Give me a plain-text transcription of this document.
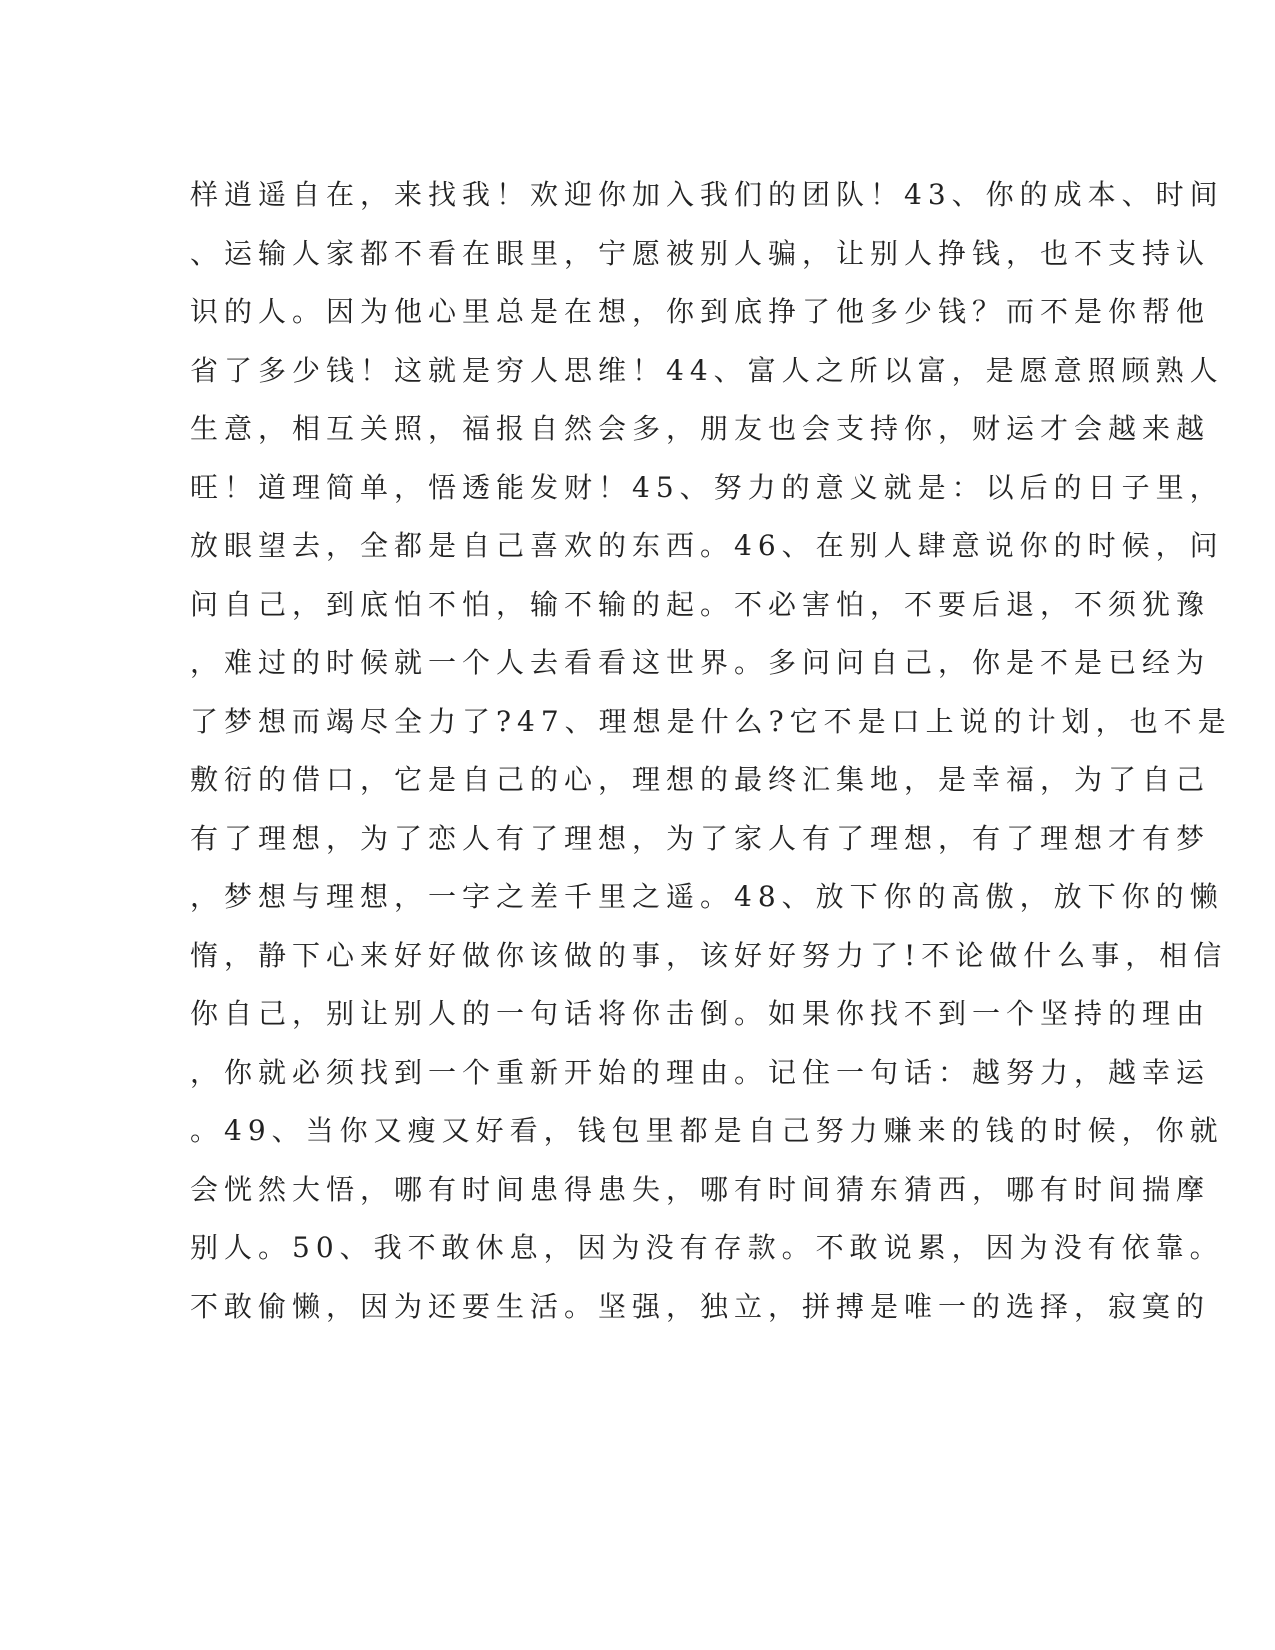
样逍遥自在，来找我！欢迎你加入我们的团队！43、你的成本、时间
、运输人家都不看在眼里，宁愿被别人骗，让别人挣钱，也不支持认
识的人。因为他心里总是在想，你到底挣了他多少钱？而不是你帮他
省了多少钱！这就是穷人思维！44、富人之所以富，是愿意照顾熟人
生意，相互关照，福报自然会多，朋友也会支持你，财运才会越来越
旺！道理简单，悟透能发财！45、努力的意义就是：以后的日子里，
放眼望去，全都是自己喜欢的东西。46、在别人肆意说你的时候，问
问自己，到底怕不怕，输不输的起。不必害怕，不要后退，不须犹豫
，难过的时候就一个人去看看这世界。多问问自己，你是不是已经为
了梦想而竭尽全力了?47、理想是什么?它不是口上说的计划，也不是
敷衍的借口，它是自己的心，理想的最终汇集地，是幸福，为了自己
有了理想，为了恋人有了理想，为了家人有了理想，有了理想才有梦
，梦想与理想，一字之差千里之遥。48、放下你的高傲，放下你的懒
惰，静下心来好好做你该做的事，该好好努力了!不论做什么事，相信
你自己，别让别人的一句话将你击倒。如果你找不到一个坚持的理由
，你就必须找到一个重新开始的理由。记住一句话：越努力，越幸运
。49、当你又瘦又好看，钱包里都是自己努力赚来的钱的时候，你就
会恍然大悟，哪有时间患得患失，哪有时间猜东猜西，哪有时间揣摩
别人。50、我不敢休息，因为没有存款。不敢说累，因为没有依靠。
不敢偷懒，因为还要生活。坚强，独立，拼搏是唯一的选择，寂寞的
